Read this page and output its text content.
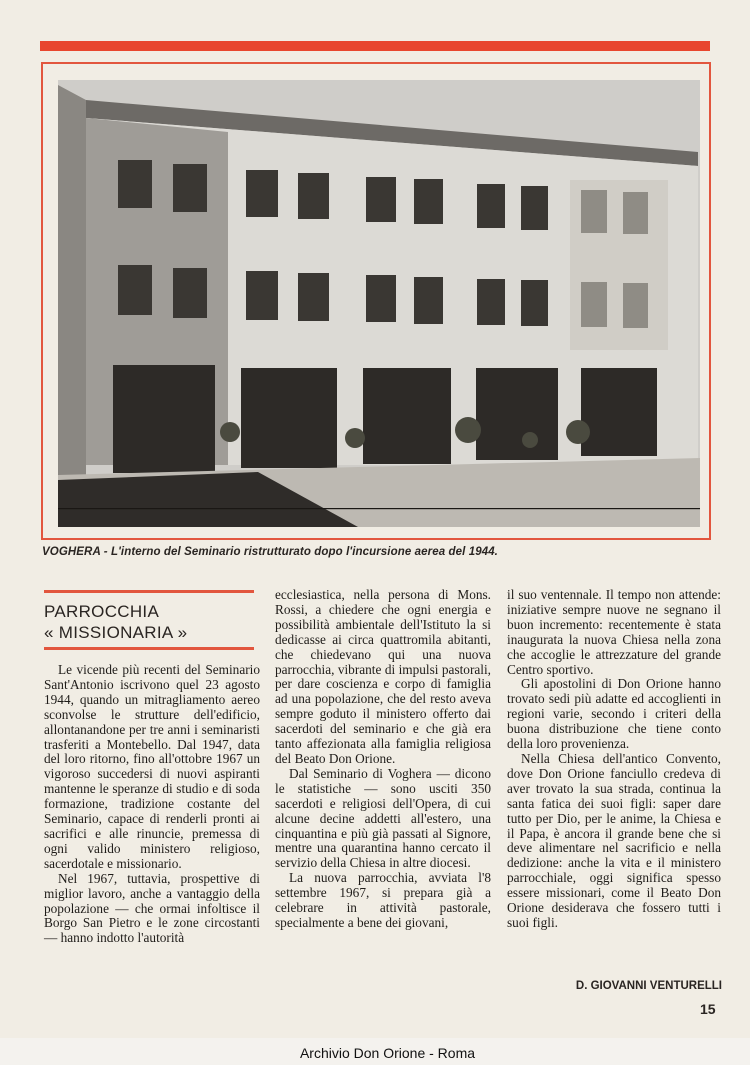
VOGHERA - L'interno del Seminario ristrutturato dopo l'incursione aerea del 1944.
PARROCCHIA
« MISSIONARIA »

Le vicende più recenti del Seminario Sant'Antonio iscrivono quel 23 agosto 1944, quando un mitragliamento aereo sconvolse le strutture dell'edificio, allontanandone per tre anni i seminaristi trasferiti a Montebello. Dal 1947, data del loro ritorno, fino all'ottobre 1967 un vigoroso succedersi di nuovi aspiranti mantenne le speranze di studio e di soda formazione, tradizione costante del Seminario, capace di renderli pronti ai sacrifici e alle rinuncie, premessa di ogni valido ministero religioso, sacerdotale e missionario.

Nel 1967, tuttavia, prospettive di miglior lavoro, anche a vantaggio della popolazione — che ormai infoltisce il Borgo San Pietro e le zone circostanti — hanno indotto l'autorità

ecclesiastica, nella persona di Mons. Rossi, a chiedere che ogni energia e possibilità ambientale dell'Istituto la si dedicasse ai circa quattromila abitanti, che chiedevano qui una nuova parrocchia, vibrante di impulsi pastorali, per dare coscienza e corpo di famiglia ad una popolazione, che del resto aveva sempre goduto il ministero offerto dai sacerdoti del seminario e che già era tanto affezionata alla famiglia religiosa del Beato Don Orione.

Dal Seminario di Voghera — dicono le statistiche — sono usciti 350 sacerdoti e religiosi dell'Opera, di cui alcune decine addetti all'estero, una cinquantina e più già passati al Signore, mentre una quarantina hanno cercato il servizio della Chiesa in altre diocesi.

La nuova parrocchia, avviata l'8 settembre 1967, si prepara già a celebrare in attività pastorale, specialmente a bene dei giovani,

il suo ventennale. Il tempo non attende: iniziative sempre nuove ne segnano il buon incremento: recentemente è stata inaugurata la nuova Chiesa nella zona che accoglie le attrezzature del grande Centro sportivo.

Gli apostolini di Don Orione hanno trovato sedi più adatte ed accoglienti in regioni varie, secondo i criteri della buona distribuzione che tiene conto della loro provenienza.

Nella Chiesa dell'antico Convento, dove Don Orione fanciullo credeva di aver trovato la sua strada, continua la santa fatica dei suoi figli: saper dare tutto per Dio, per le anime, la Chiesa e il Papa, è ancora il grande bene che si deve alimentare nel sacrificio e nella dedizione: anche la vita e il ministero parrocchiale, oggi significa spesso essere missionari, come il Beato Don Orione desiderava che fossero tutti i suoi figli.

D. GIOVANNI VENTURELLI
15
Archivio Don Orione - Roma
